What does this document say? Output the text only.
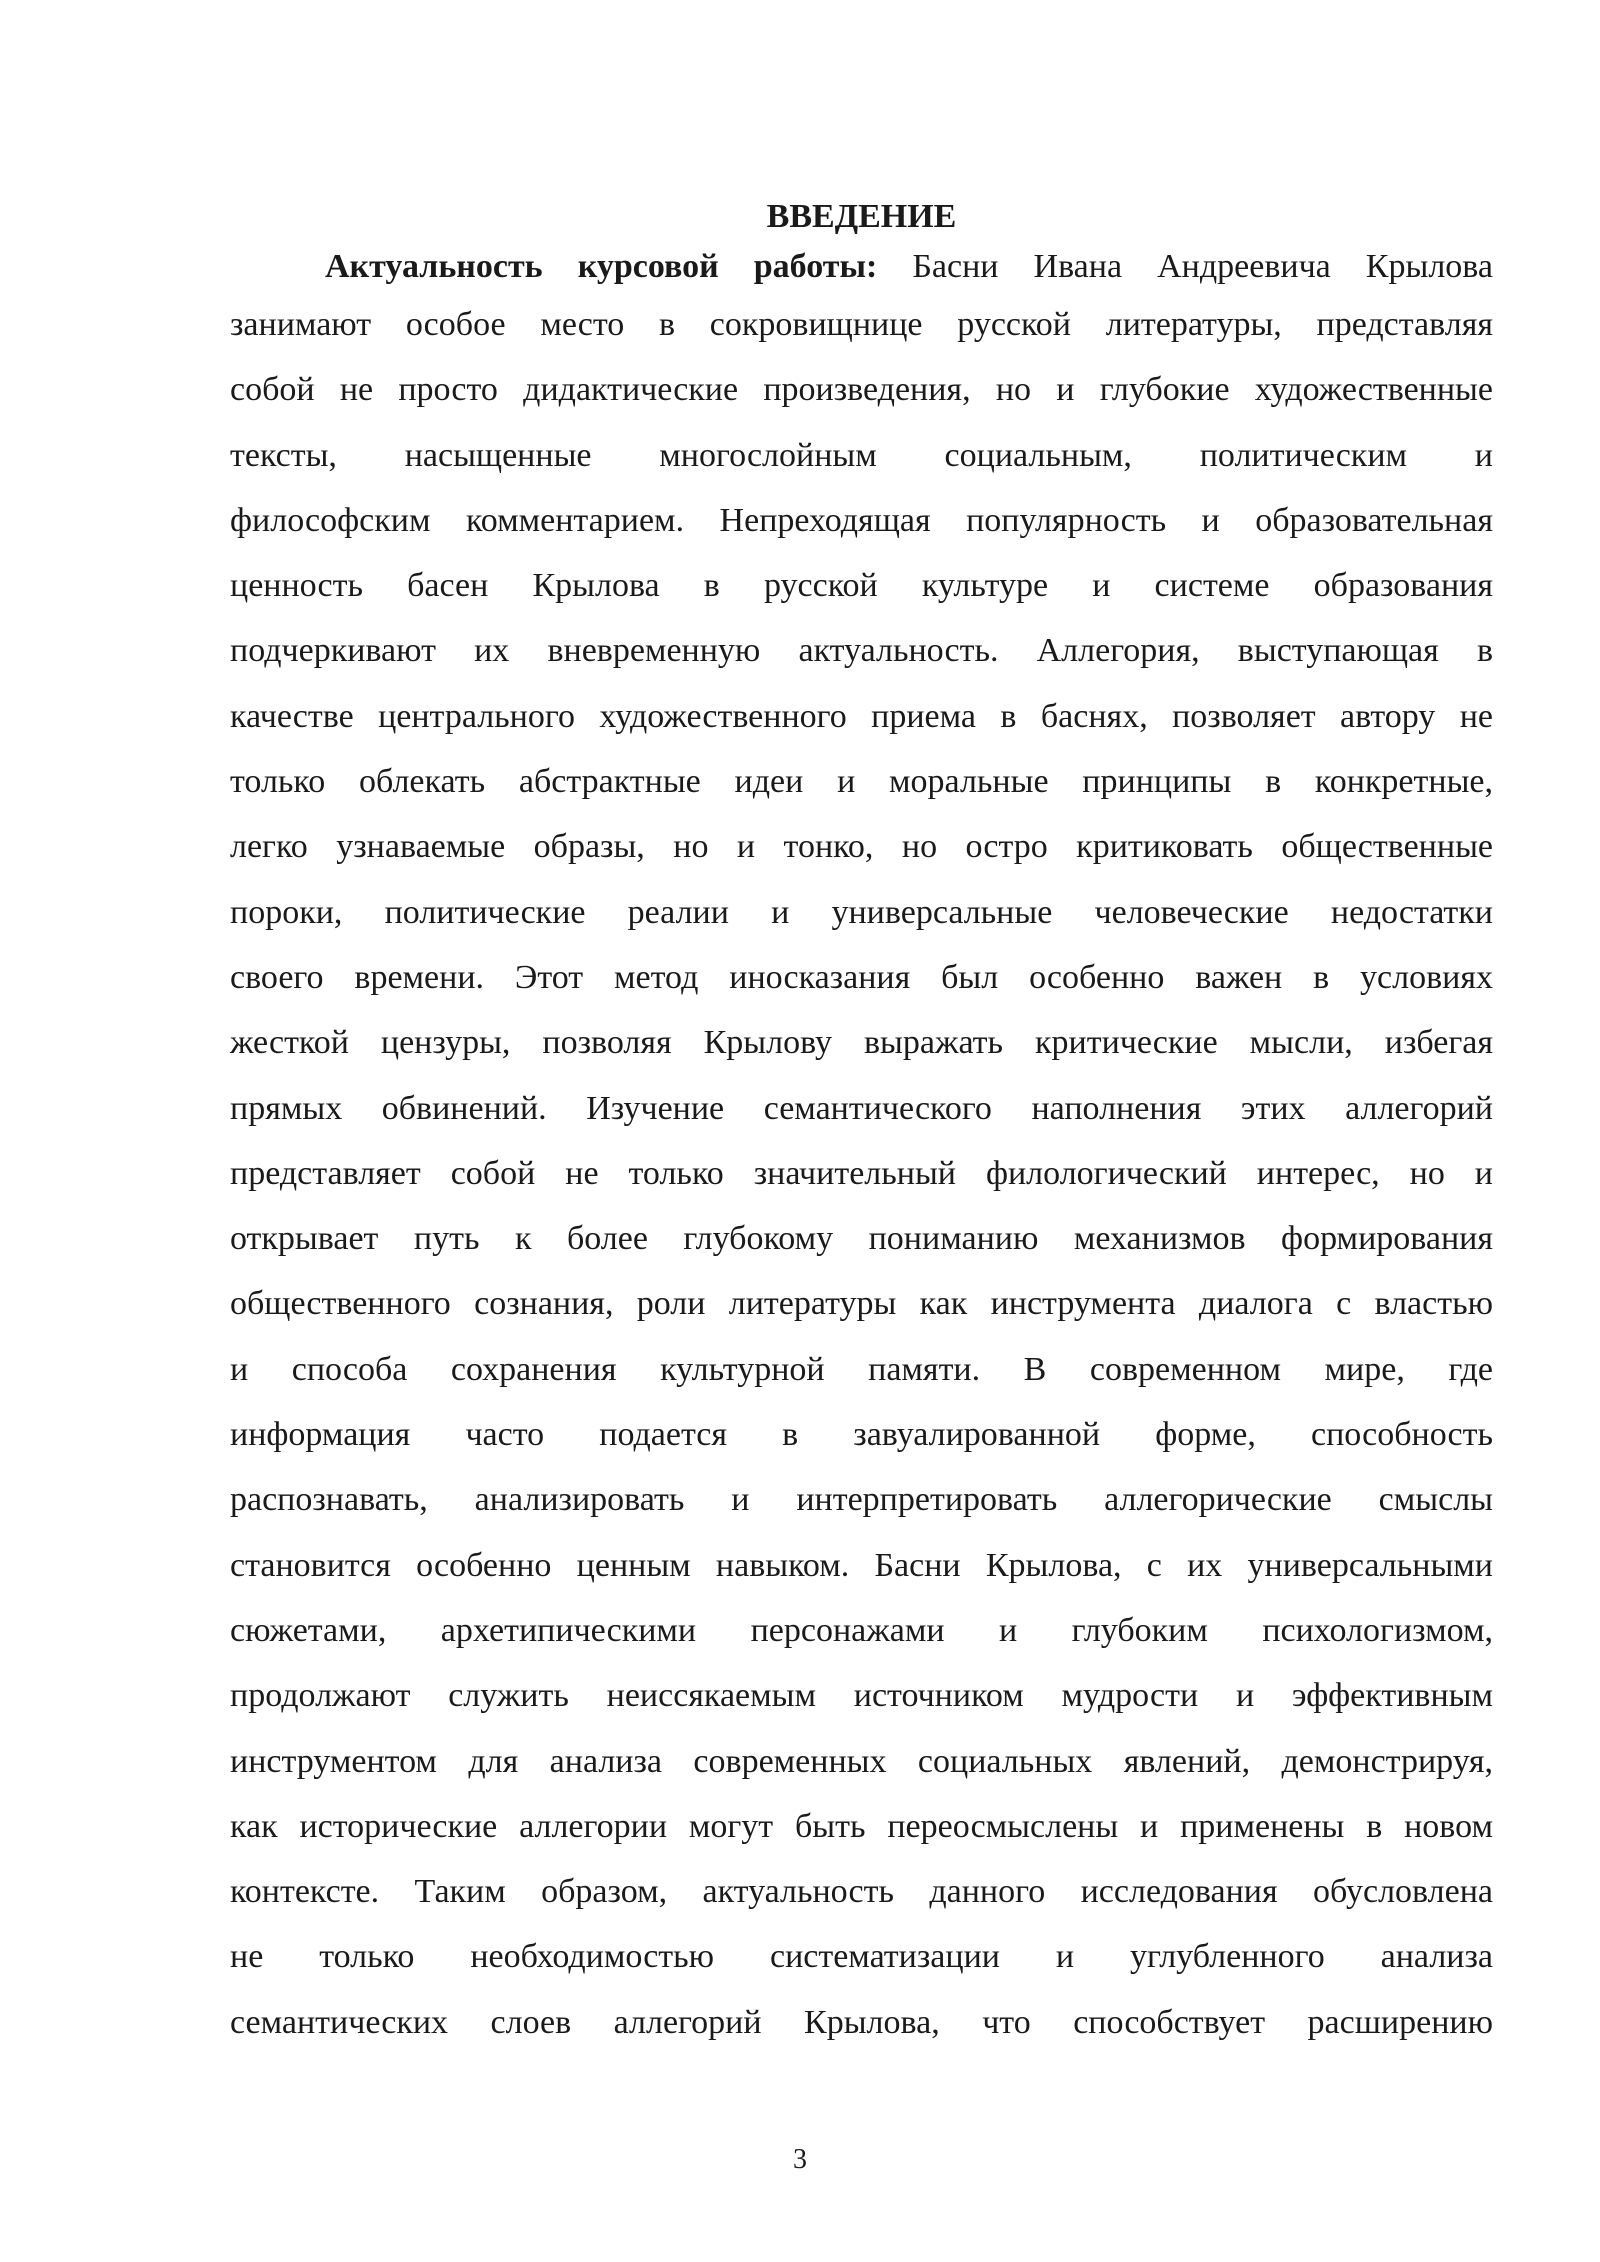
ВВЕДЕНИЕ
Актуальность курсовой работы: Басни Ивана Андреевича Крылова
занимают особое место в сокровищнице русской литературы, представляя
собой не просто дидактические произведения, но и глубокие художественные
тексты, насыщенные многослойным социальным, политическим и
философским комментарием. Непреходящая популярность и образовательная
ценность басен Крылова в русской культуре и системе образования
подчеркивают их вневременную актуальность. Аллегория, выступающая в
качестве центрального художественного приема в баснях, позволяет автору не
только облекать абстрактные идеи и моральные принципы в конкретные,
легко узнаваемые образы, но и тонко, но остро критиковать общественные
пороки, политические реалии и универсальные человеческие недостатки
своего времени. Этот метод иносказания был особенно важен в условиях
жесткой цензуры, позволяя Крылову выражать критические мысли, избегая
прямых обвинений. Изучение семантического наполнения этих аллегорий
представляет собой не только значительный филологический интерес, но и
открывает путь к более глубокому пониманию механизмов формирования
общественного сознания, роли литературы как инструмента диалога с властью
и способа сохранения культурной памяти. В современном мире, где
информация часто подается в завуалированной форме, способность
распознавать, анализировать и интерпретировать аллегорические смыслы
становится особенно ценным навыком. Басни Крылова, с их универсальными
сюжетами, архетипическими персонажами и глубоким психологизмом,
продолжают служить неиссякаемым источником мудрости и эффективным
инструментом для анализа современных социальных явлений, демонстрируя,
как исторические аллегории могут быть переосмыслены и применены в новом
контексте. Таким образом, актуальность данного исследования обусловлена
не только необходимостью систематизации и углубленного анализа
семантических слоев аллегорий Крылова, что способствует расширению
3
